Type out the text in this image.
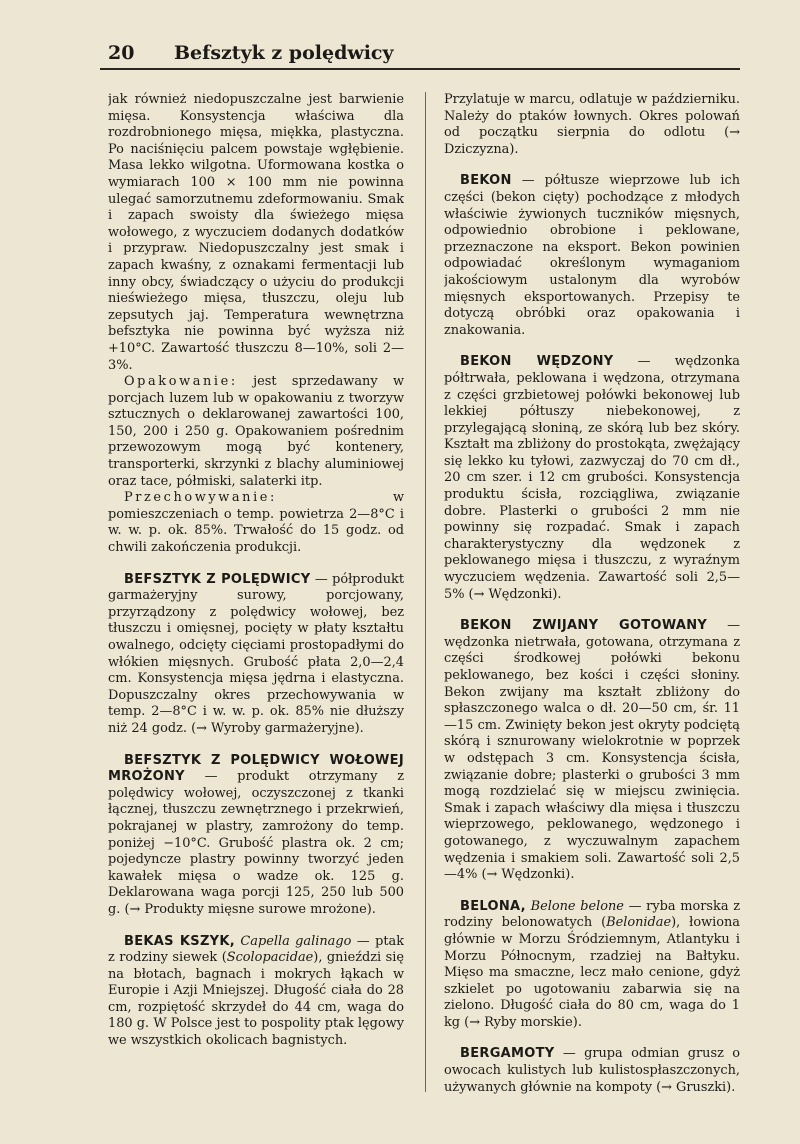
20 Befsztyk z polędwicy

jak również niedopuszczalne jest barwienie mięsa. Konsystencja właściwa dla rozdrobnionego mięsa, miękka, plastyczna. Po naciśnięciu palcem powstaje wgłębienie. Masa lekko wilgotna. Uformowana kostka o wymiarach 100 × 100 mm nie powinna ulegać samorzutnemu zdeformowaniu. Smak i zapach swoisty dla świeżego mięsa wołowego, z wyczuciem dodanych dodatków i przypraw. Niedopuszczalny jest smak i zapach kwaśny, z oznakami fermentacji lub inny obcy, świadczący o użyciu do produkcji nieświeżego mięsa, tłuszczu, oleju lub zepsutych jaj. Temperatura wewnętrzna befsztyka nie powinna być wyższa niż +10°C. Zawartość tłuszczu 8—10%, soli 2—3%.

Opakowanie: jest sprzedawany w porcjach luzem lub w opakowaniu z tworzyw sztucznych o deklarowanej zawartości 100, 150, 200 i 250 g. Opakowaniem pośrednim przewozowym mogą być kontenery, transporterki, skrzynki z blachy aluminiowej oraz tace, półmiski, salaterki itp.

Przechowywanie: w pomieszczeniach o temp. powietrza 2—8°C i w. w. p. ok. 85%. Trwałość do 15 godz. od chwili zakończenia produkcji.

BEFSZTYK Z POLĘDWICY — półprodukt garmażeryjny surowy, porcjowany, przyrządzony z polędwicy wołowej, bez tłuszczu i omięsnej, pocięty w płaty kształtu owalnego, odcięty cięciami prostopadłymi do włókien mięsnych. Grubość płata 2,0—2,4 cm. Konsystencja mięsa jędrna i elastyczna. Dopuszczalny okres przechowywania w temp. 2—8°C i w. w. p. ok. 85% nie dłuższy niż 24 godz. (→ Wyroby garmażeryjne).

BEFSZTYK Z POLĘDWICY WOŁOWEJ MROŻONY — produkt otrzymany z polędwicy wołowej, oczyszczonej z tkanki łącznej, tłuszczu zewnętrznego i przekrwień, pokrajanej w plastry, zamrożony do temp. poniżej −10°C. Grubość plastra ok. 2 cm; pojedyncze plastry powinny tworzyć jeden kawałek mięsa o wadze ok. 125 g. Deklarowana waga porcji 125, 250 lub 500 g. (→ Produkty mięsne surowe mrożone).

BEKAS KSZYK, Capella galinago — ptak z rodziny siewek (Scolopacidae), gnieździ się na błotach, bagnach i mokrych łąkach w Europie i Azji Mniejszej. Długość ciała do 28 cm, rozpiętość skrzydeł do 44 cm, waga do 180 g. W Polsce jest to pospolity ptak lęgowy we wszystkich okolicach bagnistych.

Przylatuje w marcu, odlatuje w październiku. Należy do ptaków łownych. Okres polowań od początku sierpnia do odlotu (→ Dziczyzna).

BEKON — półtusze wieprzowe lub ich części (bekon cięty) pochodzące z młodych właściwie żywionych tuczników mięsnych, odpowiednio obrobione i peklowane, przeznaczone na eksport. Bekon powinien odpowiadać określonym wymaganiom jakościowym ustalonym dla wyrobów mięsnych eksportowanych. Przepisy te dotyczą obróbki oraz opakowania i znakowania.

BEKON WĘDZONY — wędzonka półtrwała, peklowana i wędzona, otrzymana z części grzbietowej połówki bekonowej lub lekkiej półtuszy niebekonowej, z przylegającą słoniną, ze skórą lub bez skóry. Kształt ma zbliżony do prostokąta, zwężający się lekko ku tyłowi, zazwyczaj do 70 cm dł., 20 cm szer. i 12 cm grubości. Konsystencja produktu ścisła, rozciągliwa, związanie dobre. Plasterki o grubości 2 mm nie powinny się rozpadać. Smak i zapach charakterystyczny dla wędzonek z peklowanego mięsa i tłuszczu, z wyraźnym wyczuciem wędzenia. Zawartość soli 2,5—5% (→ Wędzonki).

BEKON ZWIJANY GOTOWANY — wędzonka nietrwała, gotowana, otrzymana z części środkowej połówki bekonu peklowanego, bez kości i części słoniny. Bekon zwijany ma kształt zbliżony do spłaszczonego walca o dł. 20—50 cm, śr. 11—15 cm. Zwinięty bekon jest okryty podciętą skórą i sznurowany wielokrotnie w poprzek w odstępach 3 cm. Konsystencja ścisła, związanie dobre; plasterki o grubości 3 mm mogą rozdzielać się w miejscu zwinięcia. Smak i zapach właściwy dla mięsa i tłuszczu wieprzowego, peklowanego, wędzonego i gotowanego, z wyczuwalnym zapachem wędzenia i smakiem soli. Zawartość soli 2,5—4% (→ Wędzonki).

BELONA, Belone belone — ryba morska z rodziny belonowatych (Belonidae), łowiona głównie w Morzu Śródziemnym, Atlantyku i Morzu Północnym, rzadziej na Bałtyku. Mięso ma smaczne, lecz mało cenione, gdyż szkielet po ugotowaniu zabarwia się na zielono. Długość ciała do 80 cm, waga do 1 kg (→ Ryby morskie).

BERGAMOTY — grupa odmian grusz o owocach kulistych lub kulistospłaszczonych, używanych głównie na kompoty (→ Gruszki).
